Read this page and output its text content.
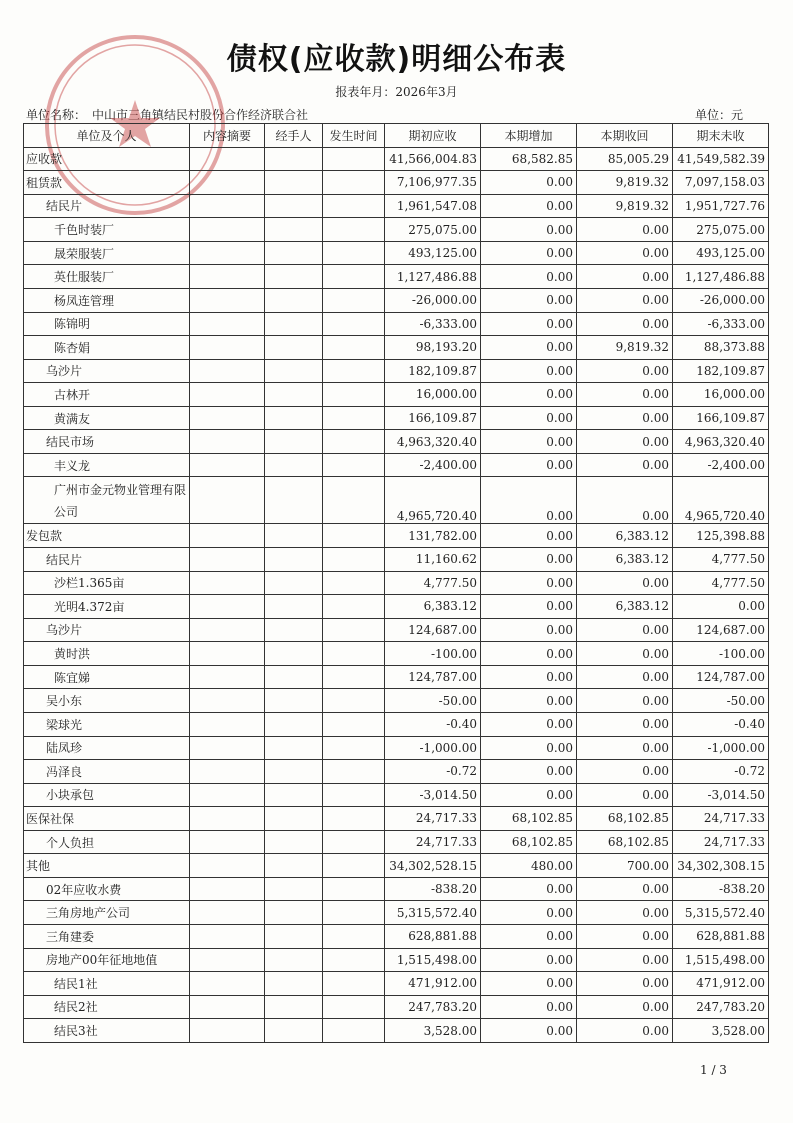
债权(应收款)明细公布表
报表年月：2026年3月
单位名称： 中山市三角镇结民村股份合作经济联合社	单位：元
单位及个人	内容摘要	经手人	发生时间	期初应收	本期增加	本期收回	期末未收
应收款				41,566,004.83	68,582.85	85,005.29	41,549,582.39
租赁款				7,106,977.35	0.00	9,819.32	7,097,158.03
结民片				1,961,547.08	0.00	9,819.32	1,951,727.76
千色时装厂				275,075.00	0.00	0.00	275,075.00
晟荣服装厂				493,125.00	0.00	0.00	493,125.00
英仕服装厂				1,127,486.88	0.00	0.00	1,127,486.88
杨凤连管理				-26,000.00	0.00	0.00	-26,000.00
陈锦明				-6,333.00	0.00	0.00	-6,333.00
陈杏娟				98,193.20	0.00	9,819.32	88,373.88
乌沙片				182,109.87	0.00	0.00	182,109.87
古林开				16,000.00	0.00	0.00	16,000.00
黄满友				166,109.87	0.00	0.00	166,109.87
结民市场				4,963,320.40	0.00	0.00	4,963,320.40
丰义龙				-2,400.00	0.00	0.00	-2,400.00
广州市金元物业管理有限公司				4,965,720.40	0.00	0.00	4,965,720.40
发包款				131,782.00	0.00	6,383.12	125,398.88
结民片				11,160.62	0.00	6,383.12	4,777.50
沙栏1.365亩				4,777.50	0.00	0.00	4,777.50
光明4.372亩				6,383.12	0.00	6,383.12	0.00
乌沙片				124,687.00	0.00	0.00	124,687.00
黄时洪				-100.00	0.00	0.00	-100.00
陈宜娣				124,787.00	0.00	0.00	124,787.00
吴小东				-50.00	0.00	0.00	-50.00
梁球光				-0.40	0.00	0.00	-0.40
陆凤珍				-1,000.00	0.00	0.00	-1,000.00
冯泽良				-0.72	0.00	0.00	-0.72
小块承包				-3,014.50	0.00	0.00	-3,014.50
医保社保				24,717.33	68,102.85	68,102.85	24,717.33
个人负担				24,717.33	68,102.85	68,102.85	24,717.33
其他				34,302,528.15	480.00	700.00	34,302,308.15
02年应收水费				-838.20	0.00	0.00	-838.20
三角房地产公司				5,315,572.40	0.00	0.00	5,315,572.40
三角建委				628,881.88	0.00	0.00	628,881.88
房地产00年征地地值				1,515,498.00	0.00	0.00	1,515,498.00
结民1社				471,912.00	0.00	0.00	471,912.00
结民2社				247,783.20	0.00	0.00	247,783.20
结民3社				3,528.00	0.00	0.00	3,528.00
1 / 3
